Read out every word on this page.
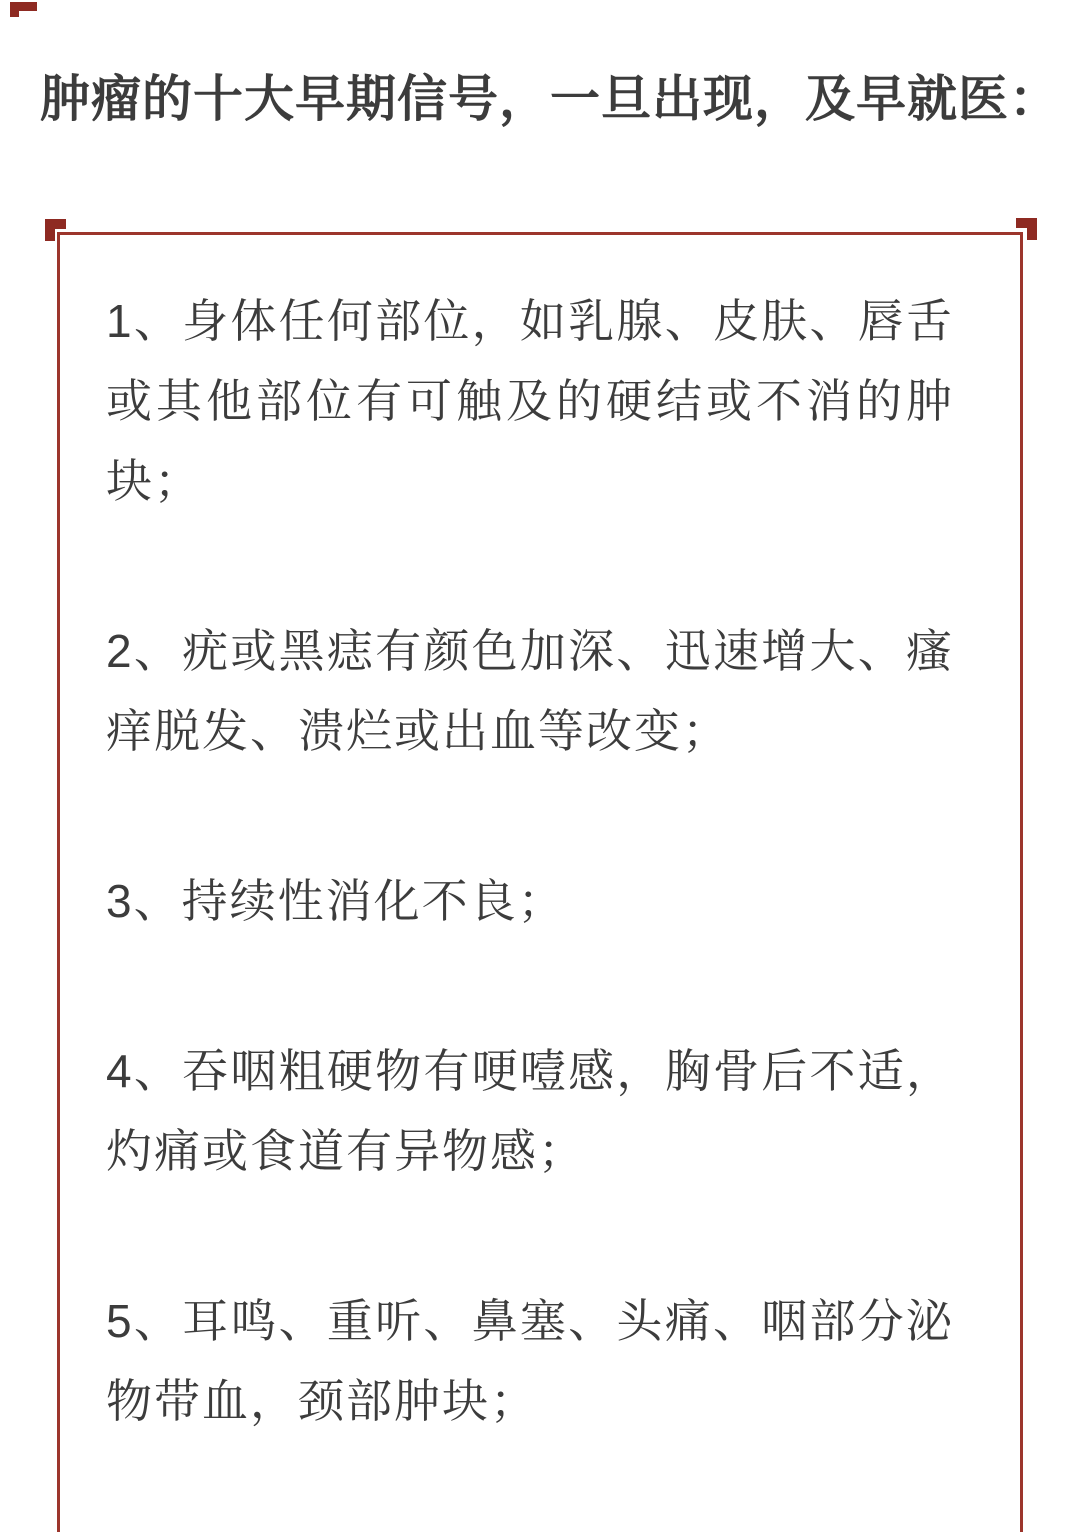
肿瘤的十大早期信号，一旦出现，及早就医：

1、身体任何部位，如乳腺、皮肤、唇舌或其他部位有可触及的硬结或不消的肿块；

2、疣或黑痣有颜色加深、迅速增大、瘙痒脱发、溃烂或出血等改变；

3、持续性消化不良；

4、吞咽粗硬物有哽噎感，胸骨后不适，灼痛或食道有异物感；

5、耳鸣、重听、鼻塞、头痛、咽部分泌物带血，颈部肿块；
